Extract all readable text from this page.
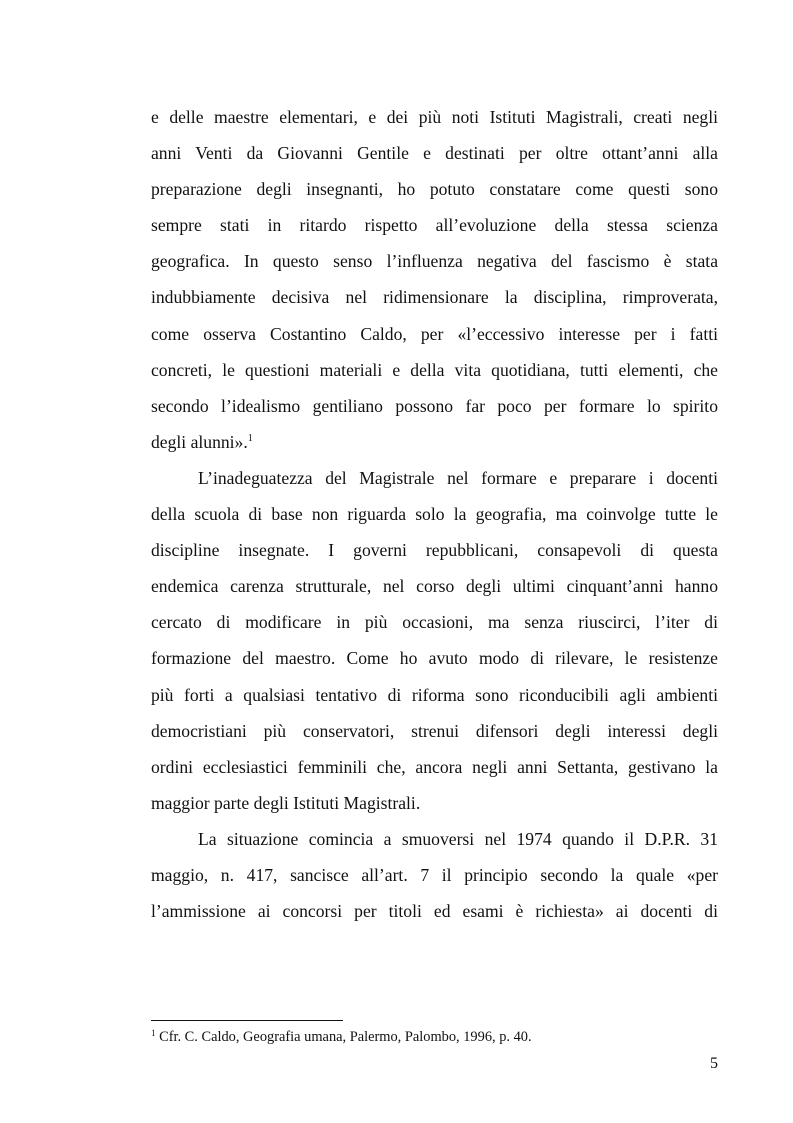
e delle maestre elementari, e dei più noti Istituti Magistrali, creati negli
anni Venti da Giovanni Gentile e destinati per oltre ottant’anni alla
preparazione degli insegnanti, ho potuto constatare come questi sono
sempre stati in ritardo rispetto all’evoluzione della stessa scienza
geografica. In questo senso l’influenza negativa del fascismo è stata
indubbiamente decisiva nel ridimensionare la disciplina, rimproverata,
come osserva Costantino Caldo, per «l’eccessivo interesse per i fatti
concreti, le questioni materiali e della vita quotidiana, tutti elementi, che
secondo l’idealismo gentiliano possono far poco per formare lo spirito
degli alunni».$^1$
L’inadeguatezza del Magistrale nel formare e preparare i docenti
della scuola di base non riguarda solo la geografia, ma coinvolge tutte le
discipline insegnate. I governi repubblicani, consapevoli di questa
endemica carenza strutturale, nel corso degli ultimi cinquant’anni hanno
cercato di modificare in più occasioni, ma senza riuscirci, l’iter di
formazione del maestro. Come ho avuto modo di rilevare, le resistenze
più forti a qualsiasi tentativo di riforma sono riconducibili agli ambienti
democristiani più conservatori, strenui difensori degli interessi degli
ordini ecclesiastici femminili che, ancora negli anni Settanta, gestivano la
maggior parte degli Istituti Magistrali.
La situazione comincia a smuoversi nel 1974 quando il D.P.R. 31
maggio, n. 417, sancisce all’art. 7 il principio secondo la quale «per
l’ammissione ai concorsi per titoli ed esami è richiesta» ai docenti di
$^1$ Cfr. C. Caldo, Geografia umana, Palermo, Palombo, 1996, p. 40.
5
